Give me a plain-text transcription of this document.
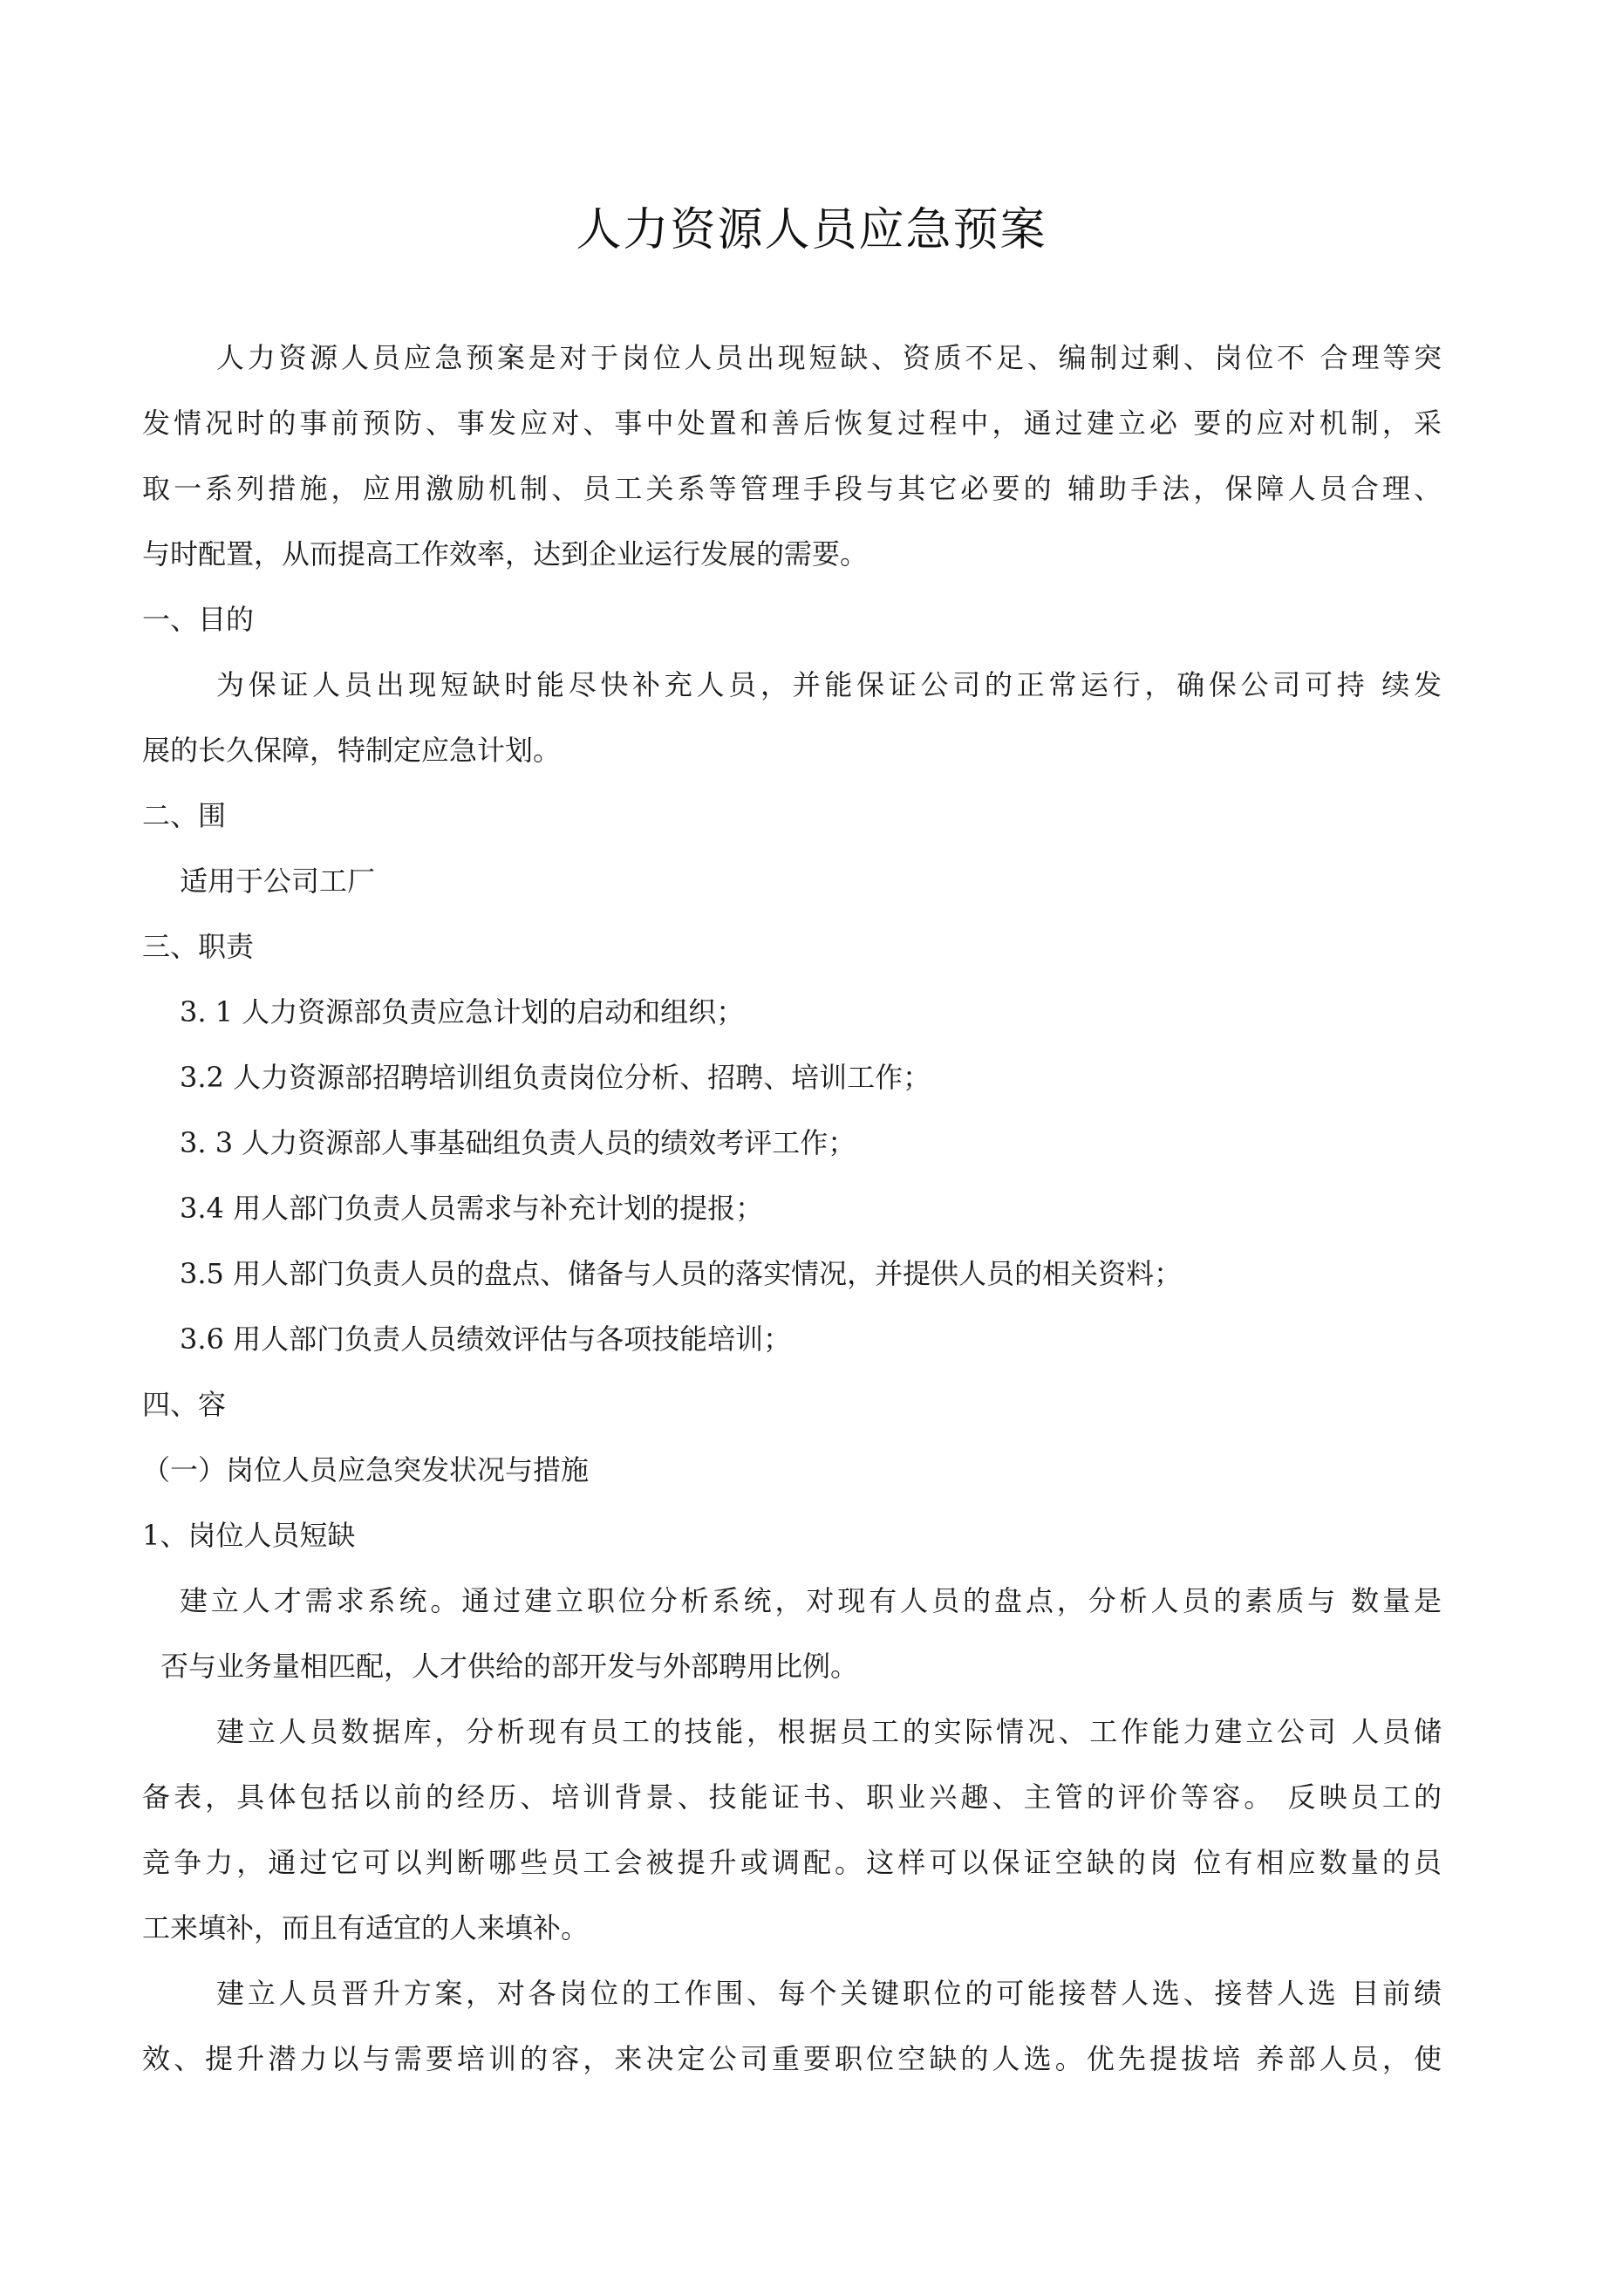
人力资源人员应急预案
人力资源人员应急预案是对于岗位人员出现短缺、资质不足、编制过剩、岗位不 合理等突
发情况时的事前预防、事发应对、事中处置和善后恢复过程中，通过建立必 要的应对机制，采
取一系列措施，应用激励机制、员工关系等管理手段与其它必要的 辅助手法，保障人员合理、
与时配置，从而提高工作效率，达到企业运行发展的需要。
一、目的
为保证人员出现短缺时能尽快补充人员，并能保证公司的正常运行，确保公司可持 续发
展的长久保障，特制定应急计划。
二、围
适用于公司工厂
三、职责
3. 1 人力资源部负责应急计划的启动和组织；
3.2 人力资源部招聘培训组负责岗位分析、招聘、培训工作；
3. 3 人力资源部人事基础组负责人员的绩效考评工作；
3.4 用人部门负责人员需求与补充计划的提报；
3.5 用人部门负责人员的盘点、储备与人员的落实情况，并提供人员的相关资料；
3.6 用人部门负责人员绩效评估与各项技能培训；
四、容
（一）岗位人员应急突发状况与措施
1、岗位人员短缺
建立人才需求系统。通过建立职位分析系统，对现有人员的盘点，分析人员的素质与 数量是
否与业务量相匹配，人才供给的部开发与外部聘用比例。
建立人员数据库，分析现有员工的技能，根据员工的实际情况、工作能力建立公司 人员储
备表，具体包括以前的经历、培训背景、技能证书、职业兴趣、主管的评价等容。 反映员工的
竞争力，通过它可以判断哪些员工会被提升或调配。这样可以保证空缺的岗 位有相应数量的员
工来填补，而且有适宜的人来填补。
建立人员晋升方案，对各岗位的工作围、每个关键职位的可能接替人选、接替人选 目前绩
效、提升潜力以与需要培训的容，来决定公司重要职位空缺的人选。优先提拔培 养部人员，使
